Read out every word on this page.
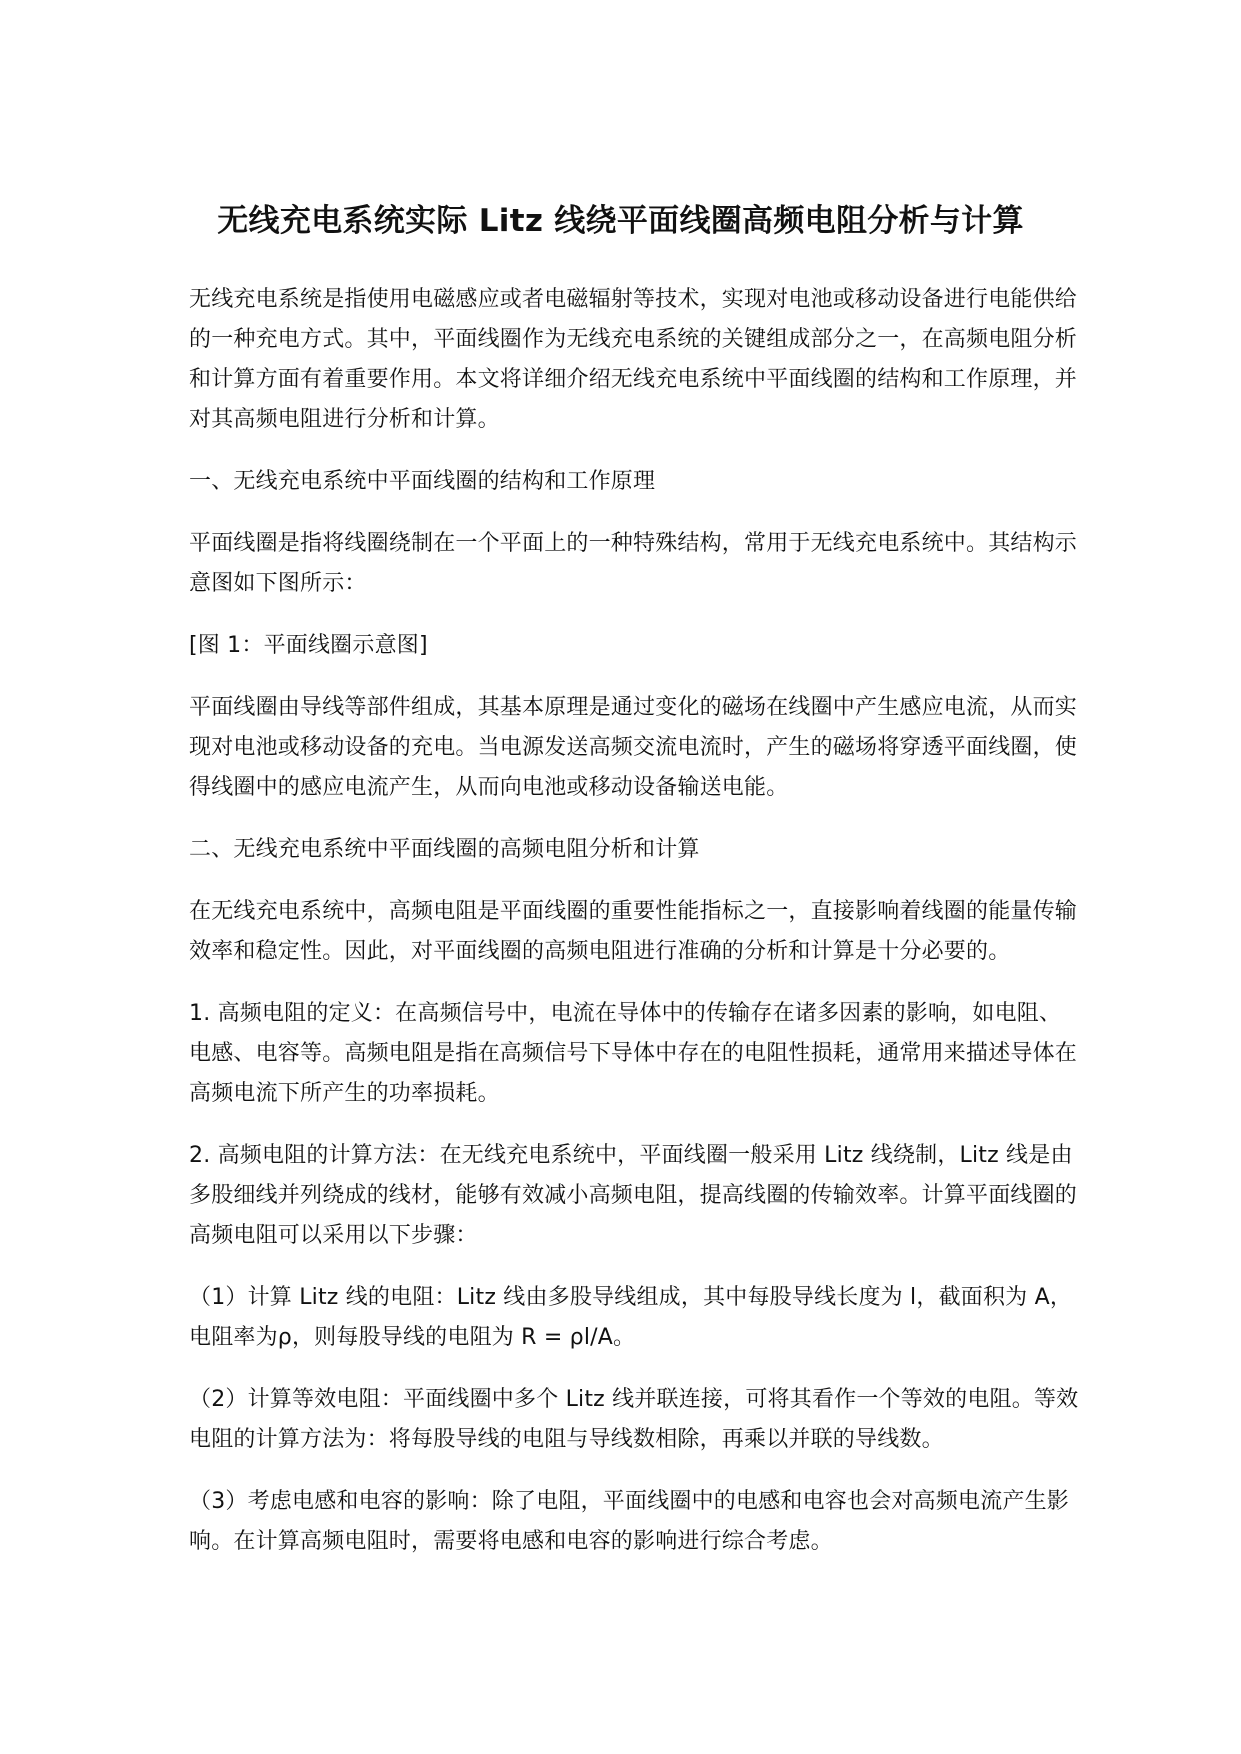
无线充电系统实际 Litz 线绕平面线圈高频电阻分析与计算

无线充电系统是指使用电磁感应或者电磁辐射等技术，实现对电池或移动设备进行电能供给的一种充电方式。其中，平面线圈作为无线充电系统的关键组成部分之一，在高频电阻分析和计算方面有着重要作用。本文将详细介绍无线充电系统中平面线圈的结构和工作原理，并对其高频电阻进行分析和计算。

一、无线充电系统中平面线圈的结构和工作原理

平面线圈是指将线圈绕制在一个平面上的一种特殊结构，常用于无线充电系统中。其结构示意图如下图所示：

[图 1：平面线圈示意图]

平面线圈由导线等部件组成，其基本原理是通过变化的磁场在线圈中产生感应电流，从而实现对电池或移动设备的充电。当电源发送高频交流电流时，产生的磁场将穿透平面线圈，使得线圈中的感应电流产生，从而向电池或移动设备输送电能。

二、无线充电系统中平面线圈的高频电阻分析和计算

在无线充电系统中，高频电阻是平面线圈的重要性能指标之一，直接影响着线圈的能量传输效率和稳定性。因此，对平面线圈的高频电阻进行准确的分析和计算是十分必要的。

1. 高频电阻的定义：在高频信号中，电流在导体中的传输存在诸多因素的影响，如电阻、电感、电容等。高频电阻是指在高频信号下导体中存在的电阻性损耗，通常用来描述导体在高频电流下所产生的功率损耗。

2. 高频电阻的计算方法：在无线充电系统中，平面线圈一般采用 Litz 线绕制，Litz 线是由多股细线并列绕成的线材，能够有效减小高频电阻，提高线圈的传输效率。计算平面线圈的高频电阻可以采用以下步骤：

（1）计算 Litz 线的电阻：Litz 线由多股导线组成，其中每股导线长度为 l，截面积为 A，电阻率为ρ，则每股导线的电阻为 R = ρl/A。

（2）计算等效电阻：平面线圈中多个 Litz 线并联连接，可将其看作一个等效的电阻。等效电阻的计算方法为：将每股导线的电阻与导线数相除，再乘以并联的导线数。

（3）考虑电感和电容的影响：除了电阻，平面线圈中的电感和电容也会对高频电流产生影响。在计算高频电阻时，需要将电感和电容的影响进行综合考虑。
